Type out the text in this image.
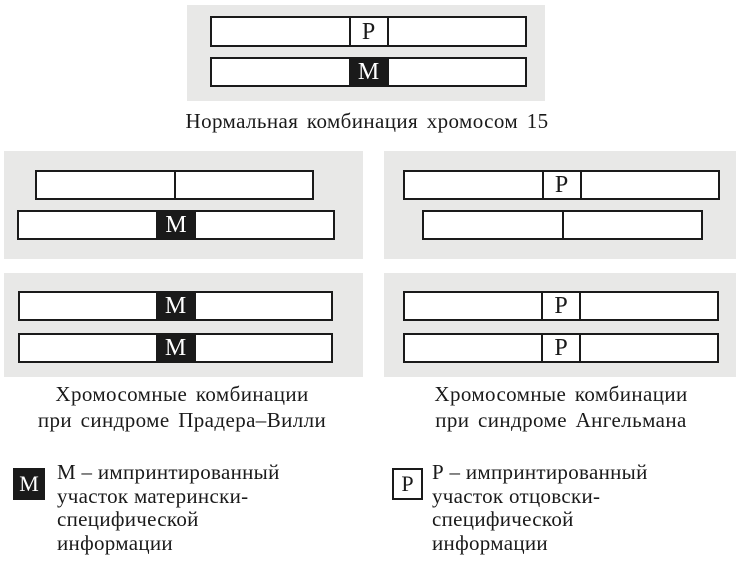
Р
М
Нормальная комбинация хромосом 15
М
Р
М
М
Р
Р
Хромосомные комбинации
при синдроме Прадера–Вилли
Хромосомные комбинации
при синдроме Ангельмана
М М – импринтированный
участок матерински-
специфической
информации
Р Р – импринтированный
участок отцовски-
специфической
информации
